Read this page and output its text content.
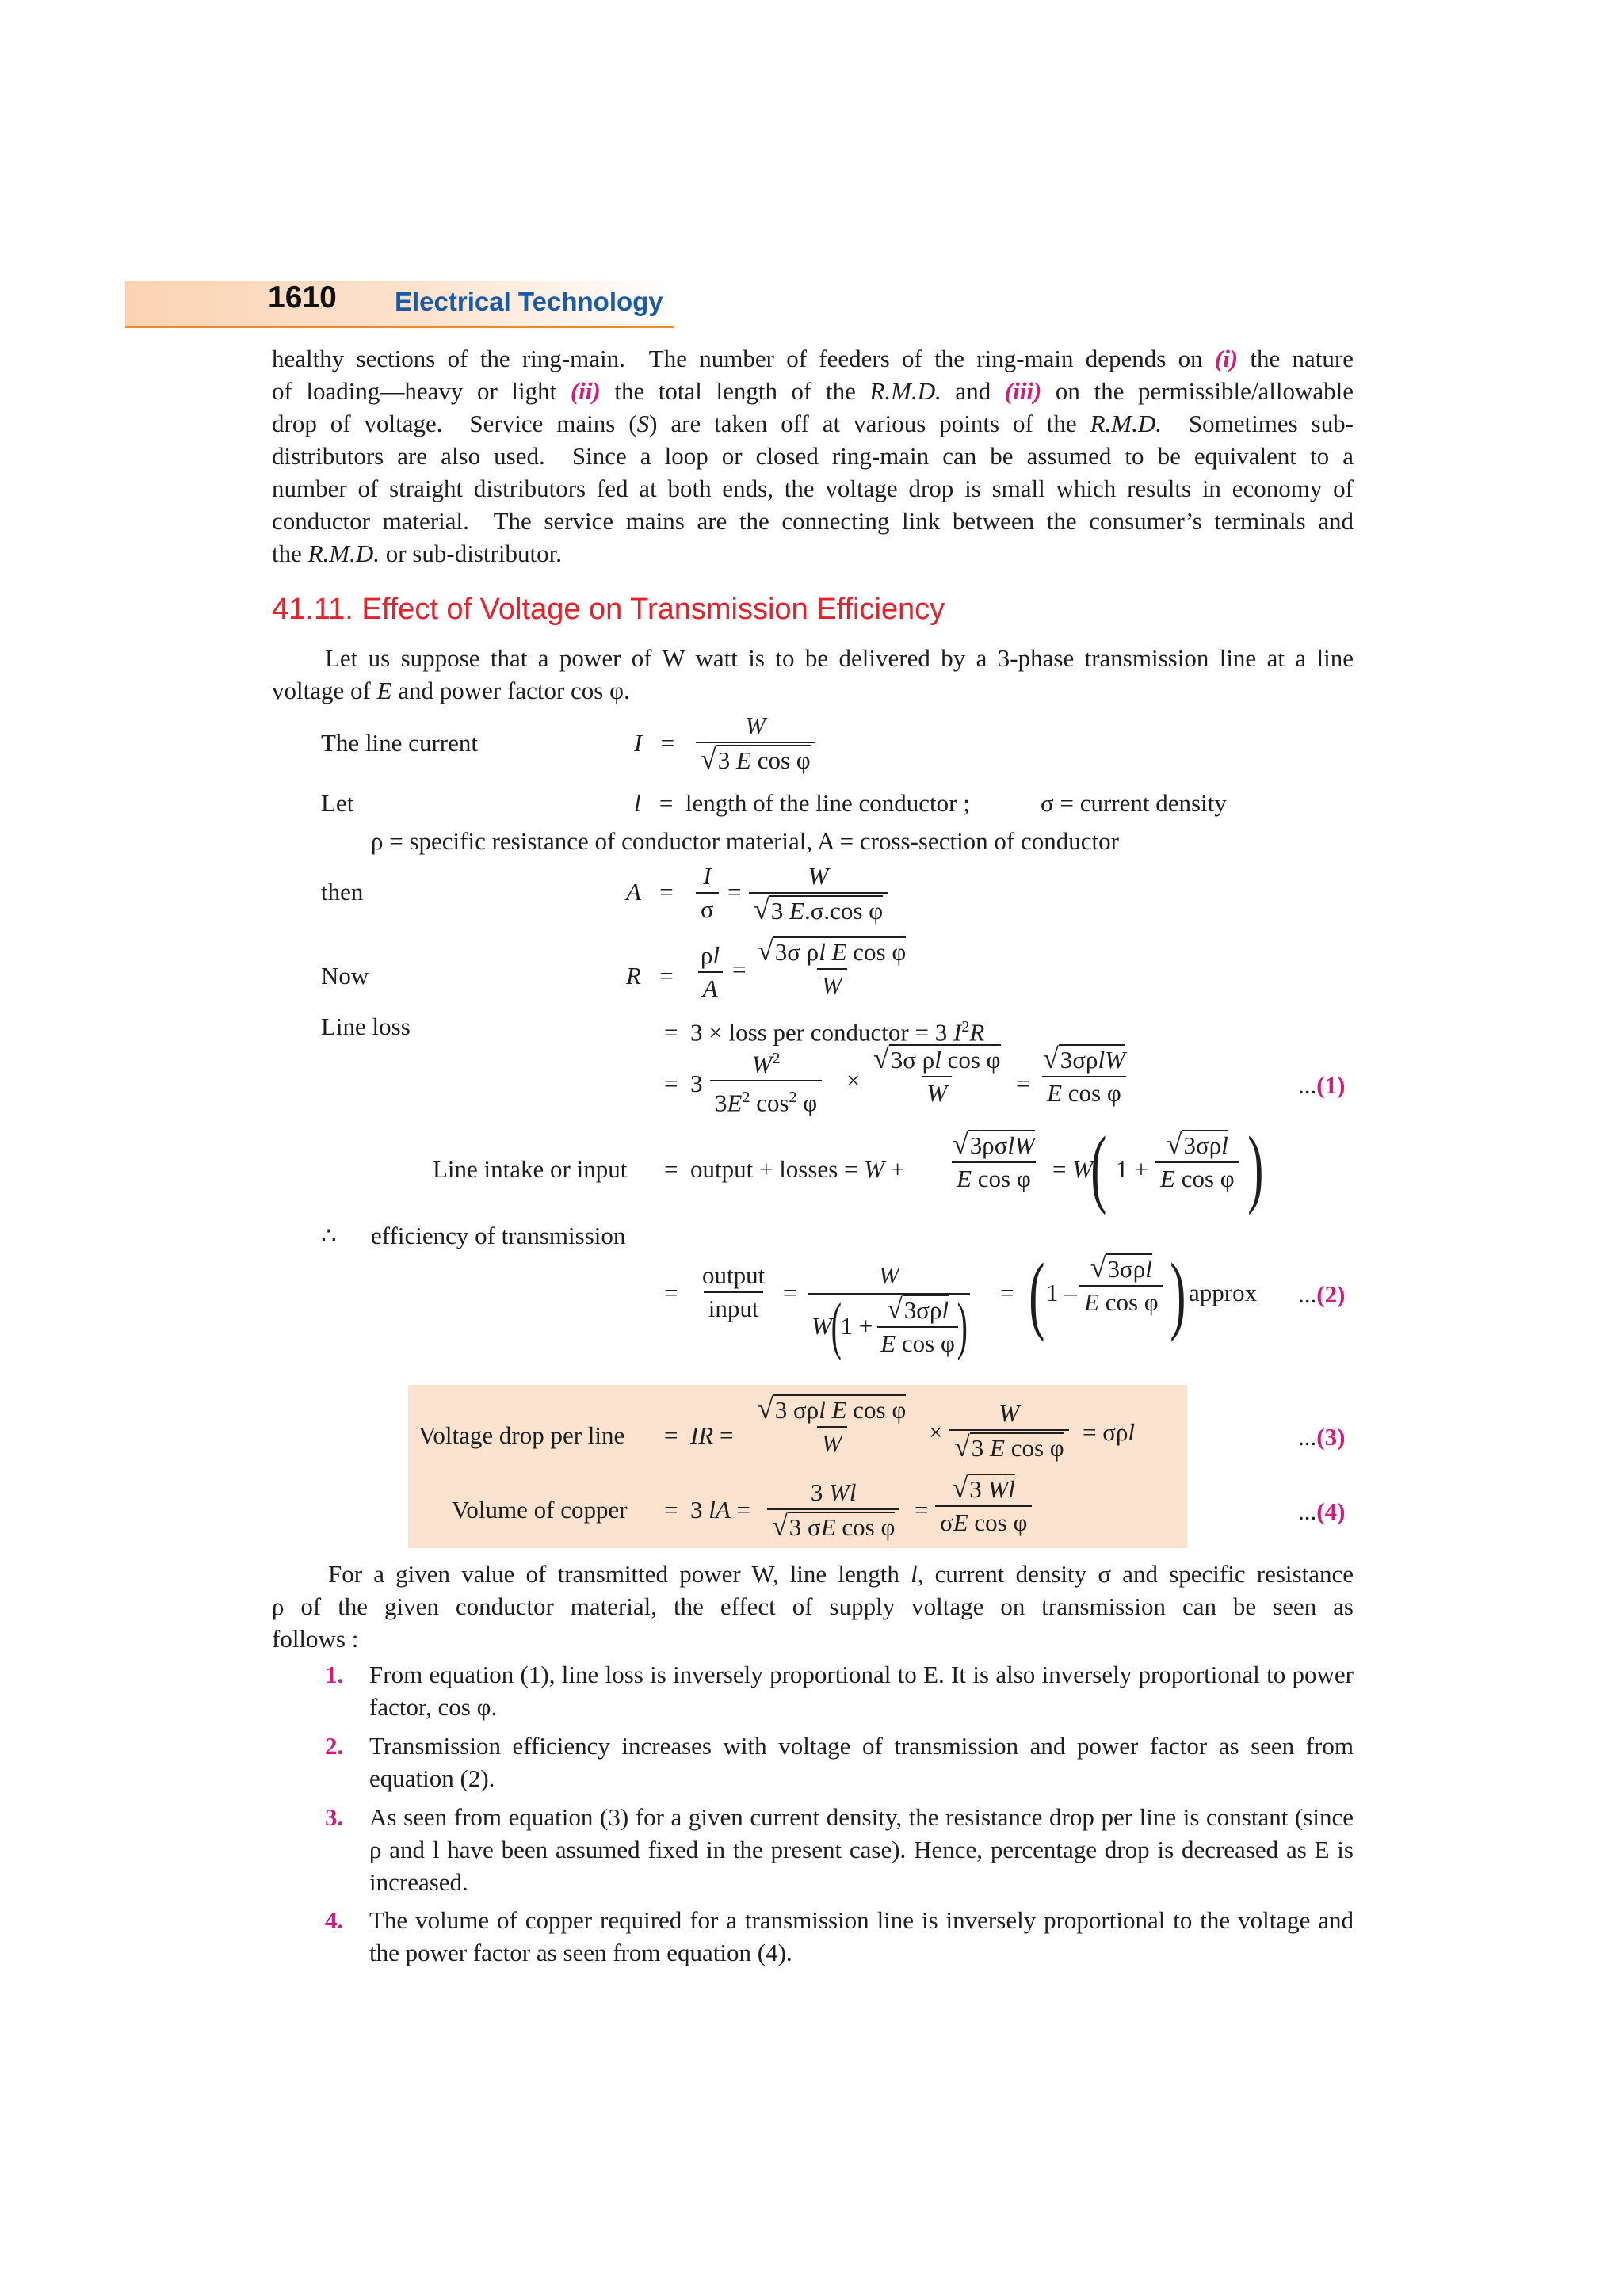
1610 Electrical Technology
healthy sections of the ring-main.  The number of feeders of the ring-main depends on (i) the nature
of loading—heavy or light (ii) the total length of the R.M.D. and (iii) on the permissible/allowable
drop of voltage.  Service mains (S) are taken off at various points of the R.M.D.  Sometimes sub-
distributors are also used.  Since a loop or closed ring-main can be assumed to be equivalent to a
number of straight distributors fed at both ends, the voltage drop is small which results in economy of
conductor material.  The service mains are the connecting link between the consumer’s terminals and
the R.M.D. or sub-distributor.
41.11. Effect of Voltage on Transmission Efficiency
Let us suppose that a power of W watt is to be delivered by a 3-phase transmission line at a line
voltage of E and power factor cos φ.
The line current	$I = \frac{W}{\text{√3 E cos φ}}$
Let	l   =  length of the line conductor ;	σ = current density
ρ = specific resistance of conductor material, A = cross-section of conductor
then	$A = \frac{I}{\sigma} = \frac{W}{\text{√3 E.σ.cos φ}}$
Now	$R = \frac{\rho l}{A} = \frac{\text{√3σ ρl E cos φ}}{W}$
Line loss	=  3 × loss per conductor = 3 $I^2R$
=  $3 \frac{W^2}{3E^2 \cos^2 \varphi} \times \frac{\text{√3σ ρl cos φ}}{W}$ =
√3σρlW
E cos φ	...(1)
Line intake or input =  output + losses = W +
√3ρσlW
E cos φ = W
( 1 +
√3σρl
E cos φ )
∴ efficiency of transmission
=
output
input
=
W
W
(
1 +
√3σρl
E cos φ ) = ( 1 –
√3σρl
E cos φ ) approx ...(2)
Voltage drop per line =  IR =
√3 σρl E cos φ
W	× $\frac{W}{\text{√3 E cos φ}} = \sigma\rho l$	...(3)
Volume of copper =  3 lA = $\frac{3 Wl}{\text{√3 σE cos φ}} = \frac{√3 Wl}{\text{σE cos φ}}$	...(4)
For a given value of transmitted power W, line length l, current density σ and specific resistance
ρ of the given conductor material, the effect of supply voltage on transmission can be seen as
follows :
1. From equation (1), line loss is inversely proportional to E. It is also inversely proportional to power factor, cos φ.
2. Transmission efficiency increases with voltage of transmission and power factor as seen from equation (2).
3. As seen from equation (3) for a given current density, the resistance drop per line is constant (since ρ and l have been assumed fixed in the present case). Hence, percentage drop is decreased as E is increased.
4. The volume of copper required for a transmission line is inversely proportional to the voltage and the power factor as seen from equation (4).
